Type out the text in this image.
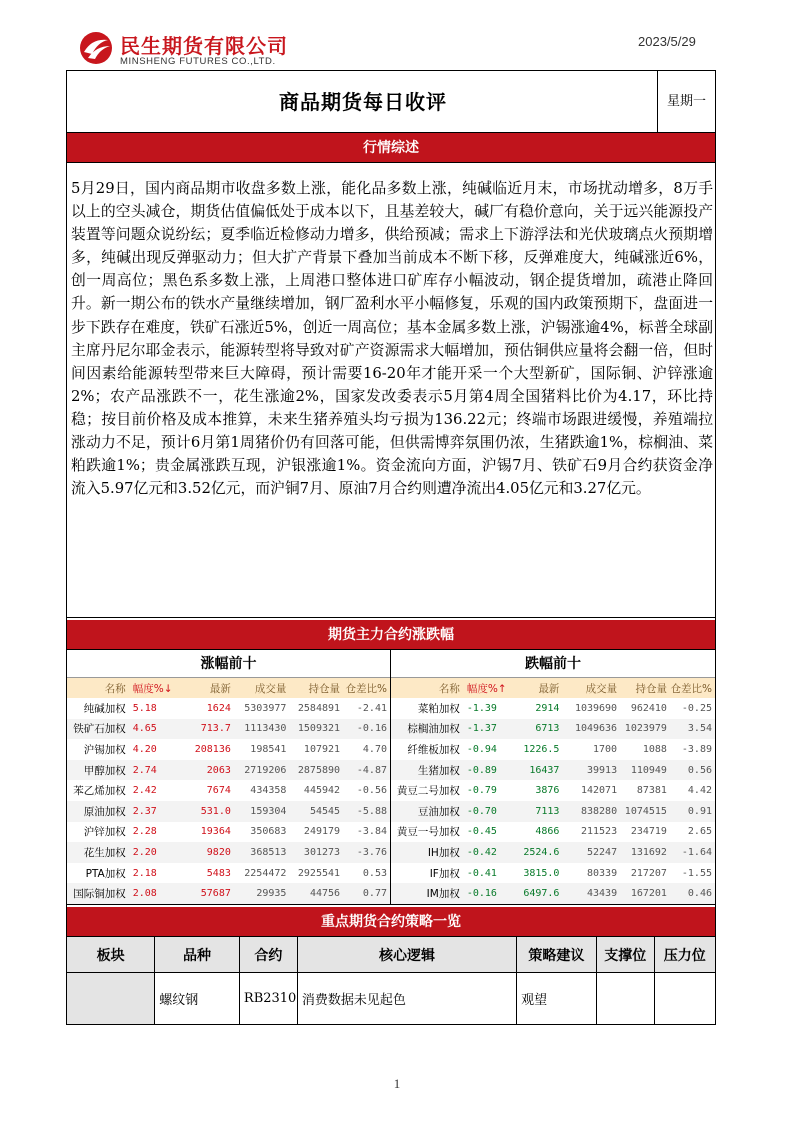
民生期货有限公司
MINSHENG FUTURES CO.,LTD.
2023/5/29
商品期货每日收评	星期一
行情综述
5月29日，国内商品期市收盘多数上涨，能化品多数上涨，纯碱临近月末，市场扰动增多，8万手以上的空头减仓，期货估值偏低处于成本以下，且基差较大，碱厂有稳价意向，关于远兴能源投产装置等问题众说纷纭；夏季临近检修动力增多，供给预减；需求上下游浮法和光伏玻璃点火预期增多，纯碱出现反弹驱动力；但大扩产背景下叠加当前成本不断下移，反弹难度大，纯碱涨近6%，创一周高位；黑色系多数上涨，上周港口整体进口矿库存小幅波动，钢企提货增加，疏港止降回升。新一期公布的铁水产量继续增加，钢厂盈利水平小幅修复，乐观的国内政策预期下，盘面进一步下跌存在难度，铁矿石涨近5%，创近一周高位；基本金属多数上涨，沪锡涨逾4%，标普全球副主席丹尼尔耶金表示，能源转型将导致对矿产资源需求大幅增加，预估铜供应量将会翻一倍，但时间因素给能源转型带来巨大障碍，预计需要16-20年才能开采一个大型新矿，国际铜、沪锌涨逾2%；农产品涨跌不一，花生涨逾2%，国家发改委表示5月第4周全国猪料比价为4.17，环比持稳；按目前价格及成本推算，未来生猪养殖头均亏损为136.22元；终端市场跟进缓慢，养殖端拉涨动力不足，预计6月第1周猪价仍有回落可能，但供需博弈氛围仍浓，生猪跌逾1%，棕榈油、菜粕跌逾1%；贵金属涨跌互现，沪银涨逾1%。资金流向方面，沪锡7月、铁矿石9月合约获资金净流入5.97亿元和3.52亿元，而沪铜7月、原油7月合约则遭净流出4.05亿元和3.27亿元。
期货主力合约涨跌幅
涨幅前十
名称	幅度%↓	最新	成交量	持仓量	仓差比%
纯碱加权	5.18	1624	5303977	2584891	-2.41
铁矿石加权	4.65	713.7	1113430	1509321	-0.16
沪锡加权	4.20	208136	198541	107921	4.70
甲醇加权	2.74	2063	2719206	2875890	-4.87
苯乙烯加权	2.42	7674	434358	445942	-0.56
原油加权	2.37	531.0	159304	54545	-5.88
沪锌加权	2.28	19364	350683	249179	-3.84
花生加权	2.20	9820	368513	301273	-3.76
PTA加权	2.18	5483	2254472	2925541	0.53
国际铜加权	2.08	57687	29935	44756	0.77
跌幅前十
名称	幅度%↑	最新	成交量	持仓量	仓差比%
菜粕加权	-1.39	2914	1039690	962410	-0.25
棕榈油加权	-1.37	6713	1049636	1023979	3.54
纤维板加权	-0.94	1226.5	1700	1088	-3.89
生猪加权	-0.89	16437	39913	110949	0.56
黄豆二号加权	-0.79	3876	142071	87381	4.42
豆油加权	-0.70	7113	838280	1074515	0.91
黄豆一号加权	-0.45	4866	211523	234719	2.65
IH加权	-0.42	2524.6	52247	131692	-1.64
IF加权	-0.41	3815.0	80339	217207	-1.55
IM加权	-0.16	6497.6	43439	167201	0.46
重点期货合约策略一览
板块	品种	合约	核心逻辑	策略建议	支撑位	压力位
	螺纹钢	RB2310	消费数据未见起色	观望		
1
